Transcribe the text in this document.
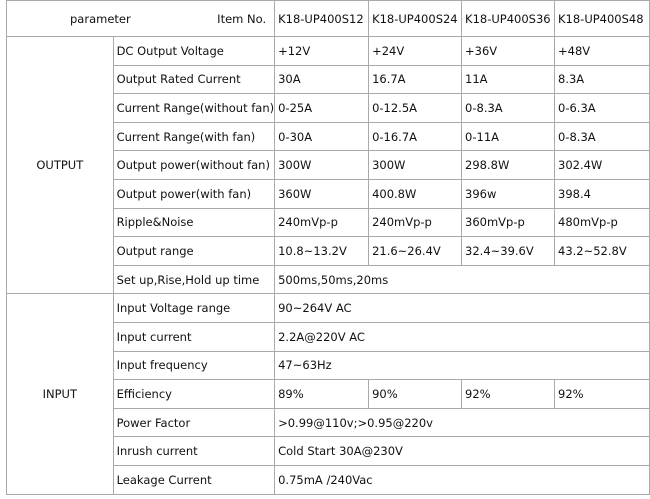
parameter Item No.		K18-UP400S12	K18-UP400S24	K18-UP400S36	K18-UP400S48
OUTPUT	DC Output Voltage	+12V	+24V	+36V	+48V
	Output Rated Current	30A	16.7A	11A	8.3A
	Current Range(without fan)	0-25A	0-12.5A	0-8.3A	0-6.3A
	Current Range(with fan)	0-30A	0-16.7A	0-11A	0-8.3A
	Output power(without fan)	300W	300W	298.8W	302.4W
	Output power(with fan)	360W	400.8W	396w	398.4
	Ripple&Noise	240mVp-p	240mVp-p	360mVp-p	480mVp-p
	Output range	10.8~13.2V	21.6~26.4V	32.4~39.6V	43.2~52.8V
	Set up,Rise,Hold up time	500ms,50ms,20ms			
INPUT	Input Voltage range	90~264V AC			
	Input current	2.2A@220V AC			
	Input frequency	47~63Hz			
	Efficiency	89%	90%	92%	92%
	Power Factor	>0.99@110v;>0.95@220v			
	Inrush current	Cold Start 30A@230V			
	Leakage Current	0.75mA /240Vac			
